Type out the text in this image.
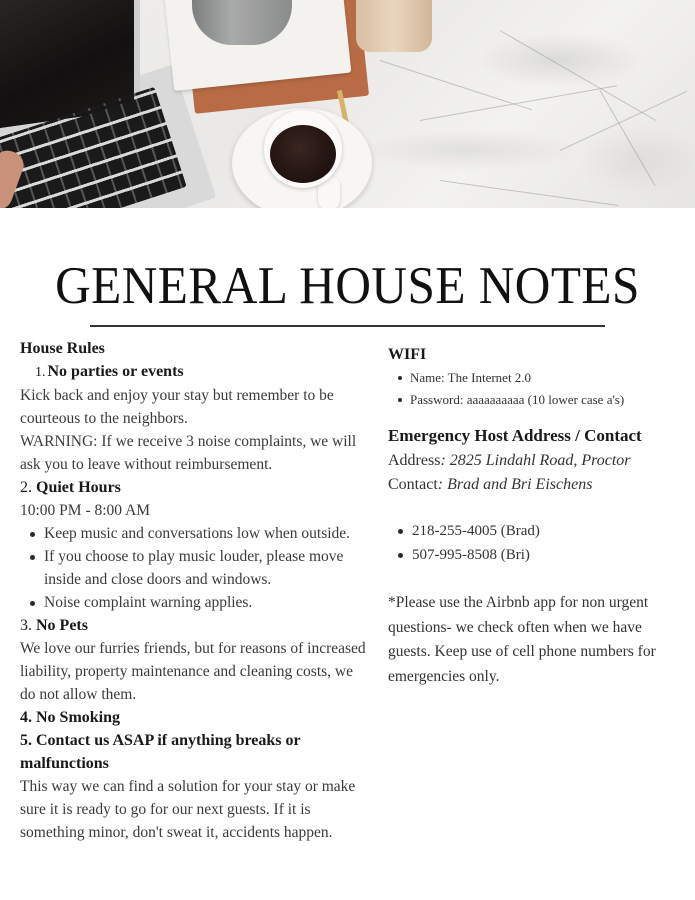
GENERAL HOUSE NOTES
House Rules
1. No parties or events
Kick back and enjoy your stay but remember to be courteous to the neighbors.
WARNING: If we receive 3 noise complaints, we will ask you to leave without reimbursement.
2. Quiet Hours
10:00 PM - 8:00 AM
Keep music and conversations low when outside.
If you choose to play music louder, please move inside and close doors and windows.
Noise complaint warning applies.
3. No Pets
We love our furries friends, but for reasons of increased liability, property maintenance and cleaning costs, we do not allow them.
4. No Smoking
5. Contact us ASAP if anything breaks or malfunctions
This way we can find a solution for your stay or make sure it is ready to go for our next guests. If it is something minor, don't sweat it, accidents happen.
WIFI
Name: The Internet 2.0
Password: aaaaaaaaaa (10 lower case a's)
Emergency Host Address / Contact
Address: 2825 Lindahl Road, Proctor
Contact: Brad and Bri Eischens
218-255-4005 (Brad)
507-995-8508 (Bri)
*Please use the Airbnb app for non urgent questions- we check often when we have guests. Keep use of cell phone numbers for emergencies only.
